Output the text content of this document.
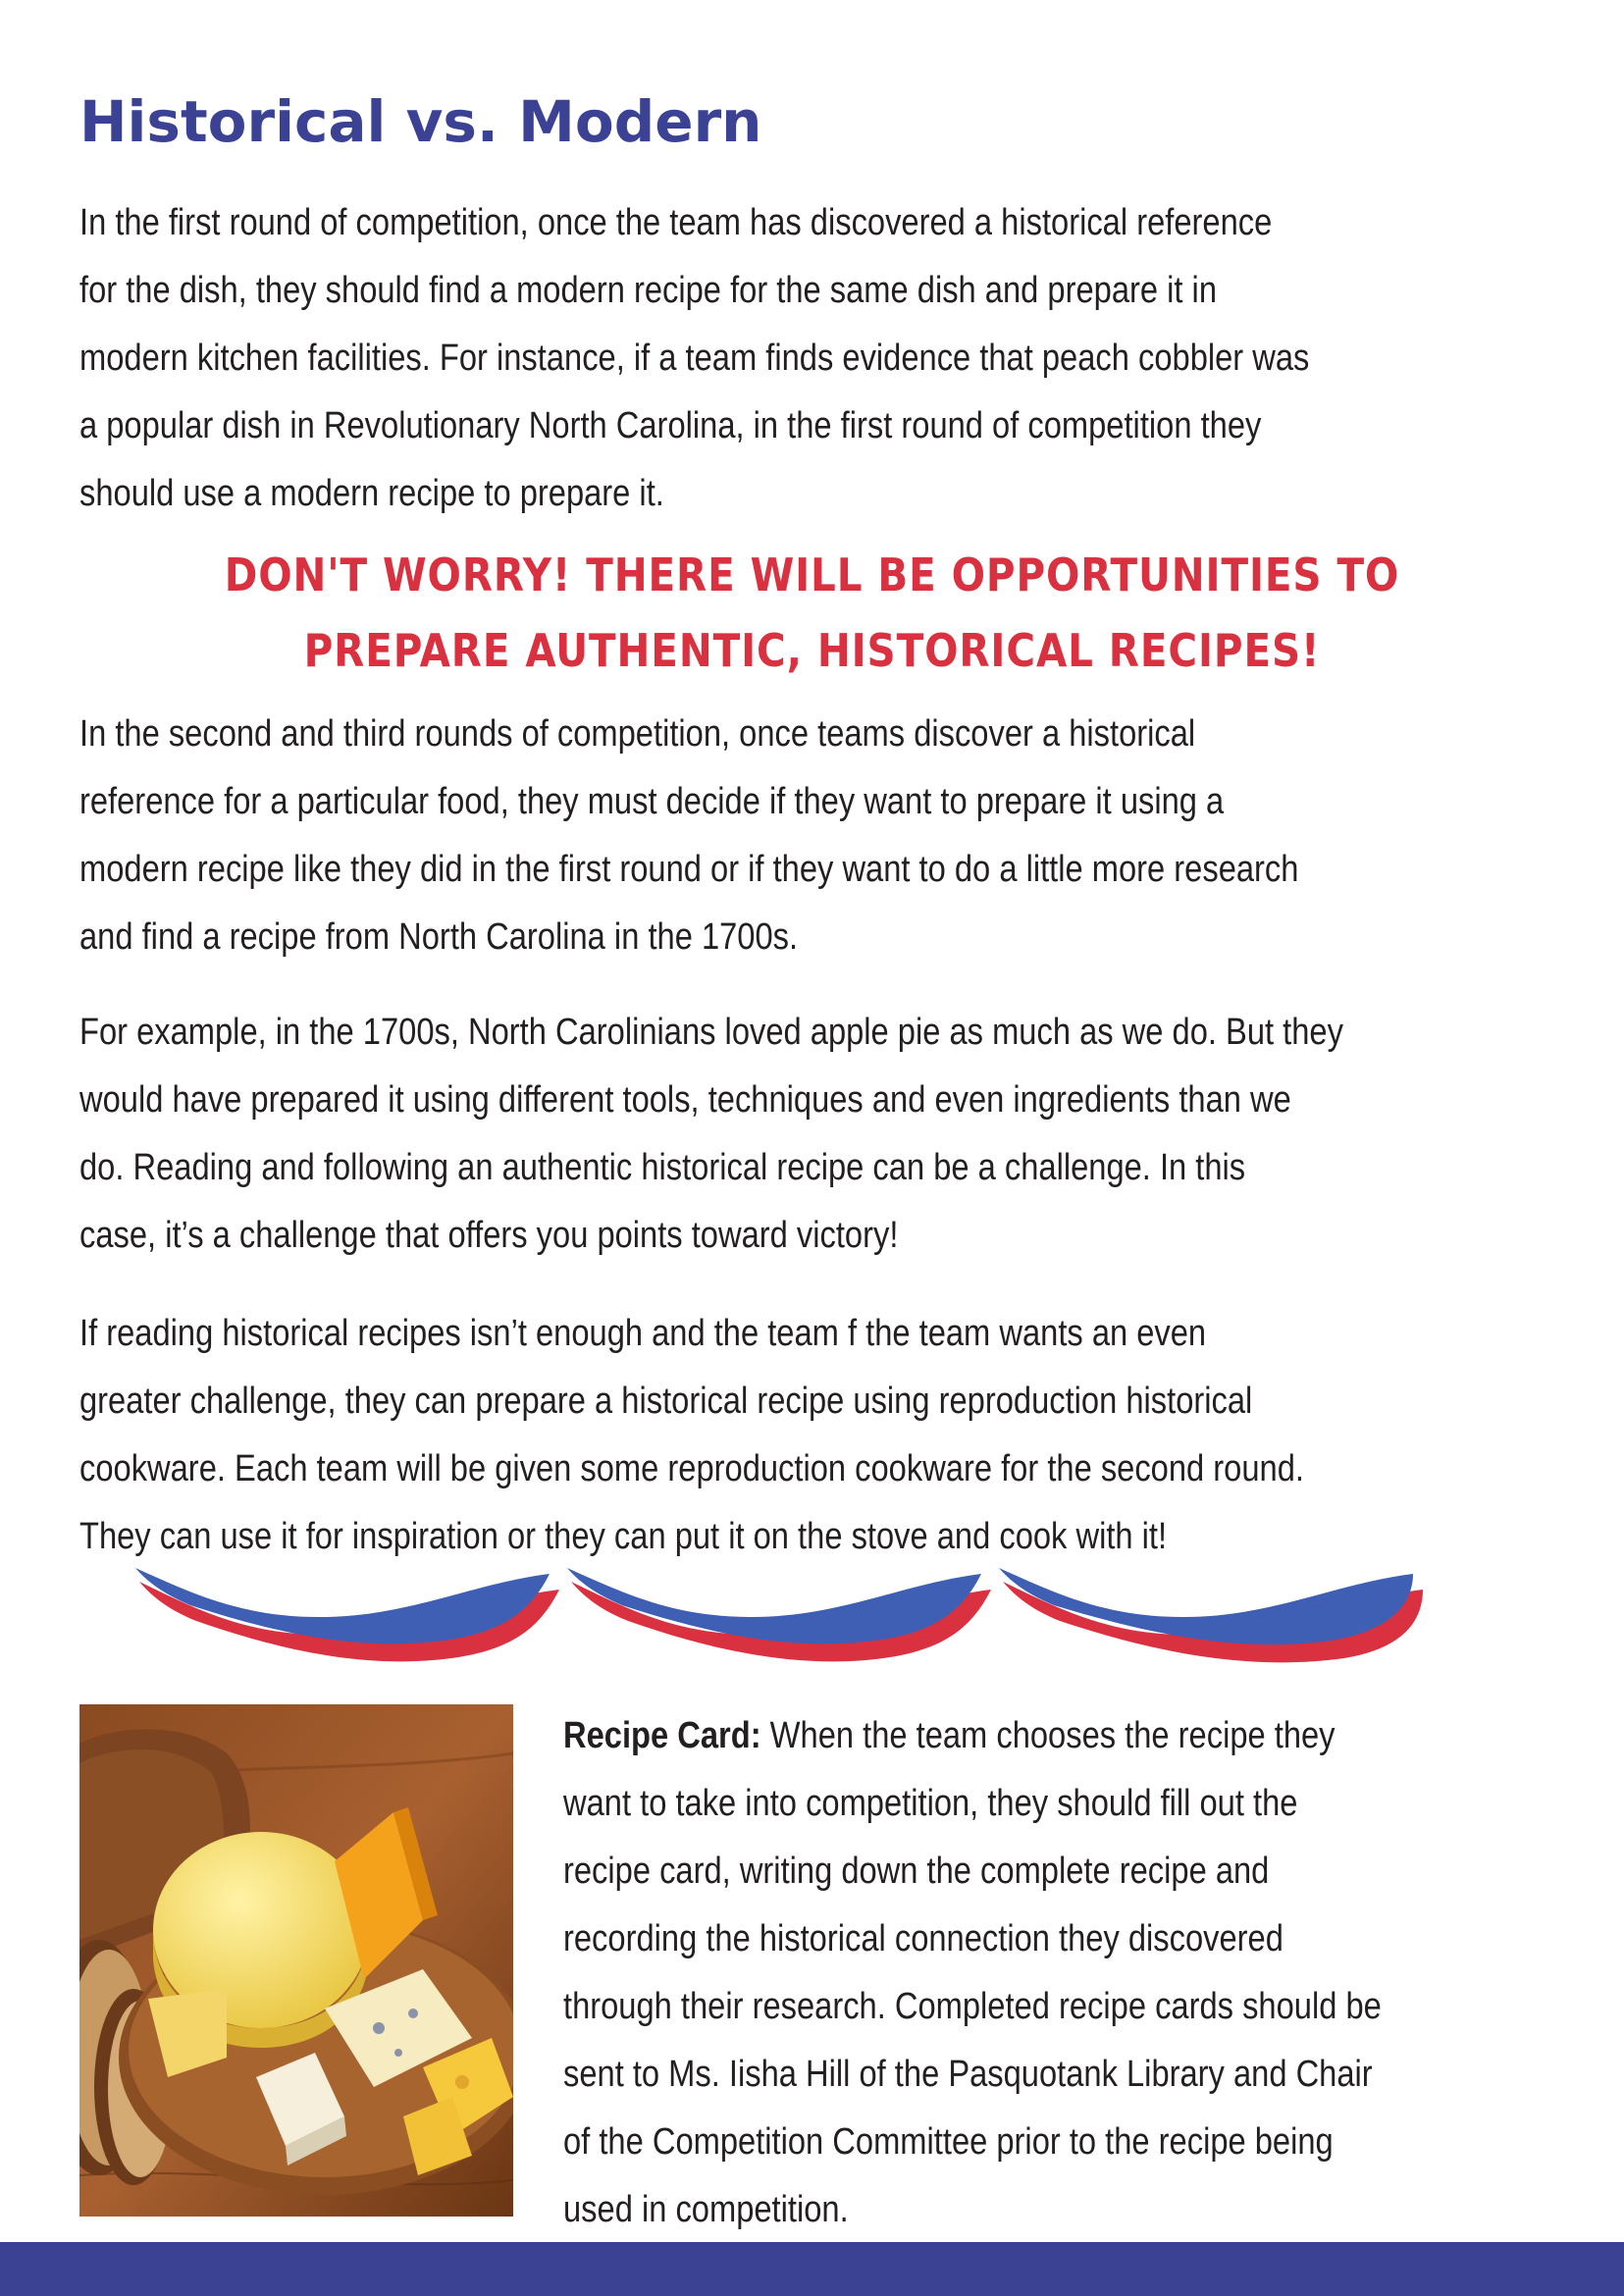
Historical vs. Modern

In the first round of competition, once the team has discovered a historical reference
for the dish, they should find a modern recipe for the same dish and prepare it in
modern kitchen facilities. For instance, if a team finds evidence that peach cobbler was
a popular dish in Revolutionary North Carolina, in the first round of competition they
should use a modern recipe to prepare it.

DON'T WORRY! THERE WILL BE OPPORTUNITIES TO
PREPARE AUTHENTIC, HISTORICAL RECIPES!

In the second and third rounds of competition, once teams discover a historical
reference for a particular food, they must decide if they want to prepare it using a
modern recipe like they did in the first round or if they want to do a little more research
and find a recipe from North Carolina in the 1700s.

For example, in the 1700s, North Carolinians loved apple pie as much as we do. But they
would have prepared it using different tools, techniques and even ingredients than we
do. Reading and following an authentic historical recipe can be a challenge. In this
case, it’s a challenge that offers you points toward victory!

If reading historical recipes isn’t enough and the team f the team wants an even
greater challenge, they can prepare a historical recipe using reproduction historical
cookware. Each team will be given some reproduction cookware for the second round.
They can use it for inspiration or they can put it on the stove and cook with it!

Recipe Card: When the team chooses the recipe they
want to take into competition, they should fill out the
recipe card, writing down the complete recipe and
recording the historical connection they discovered
through their research. Completed recipe cards should be
sent to Ms. Iisha Hill of the Pasquotank Library and Chair
of the Competition Committee prior to the recipe being
used in competition.
